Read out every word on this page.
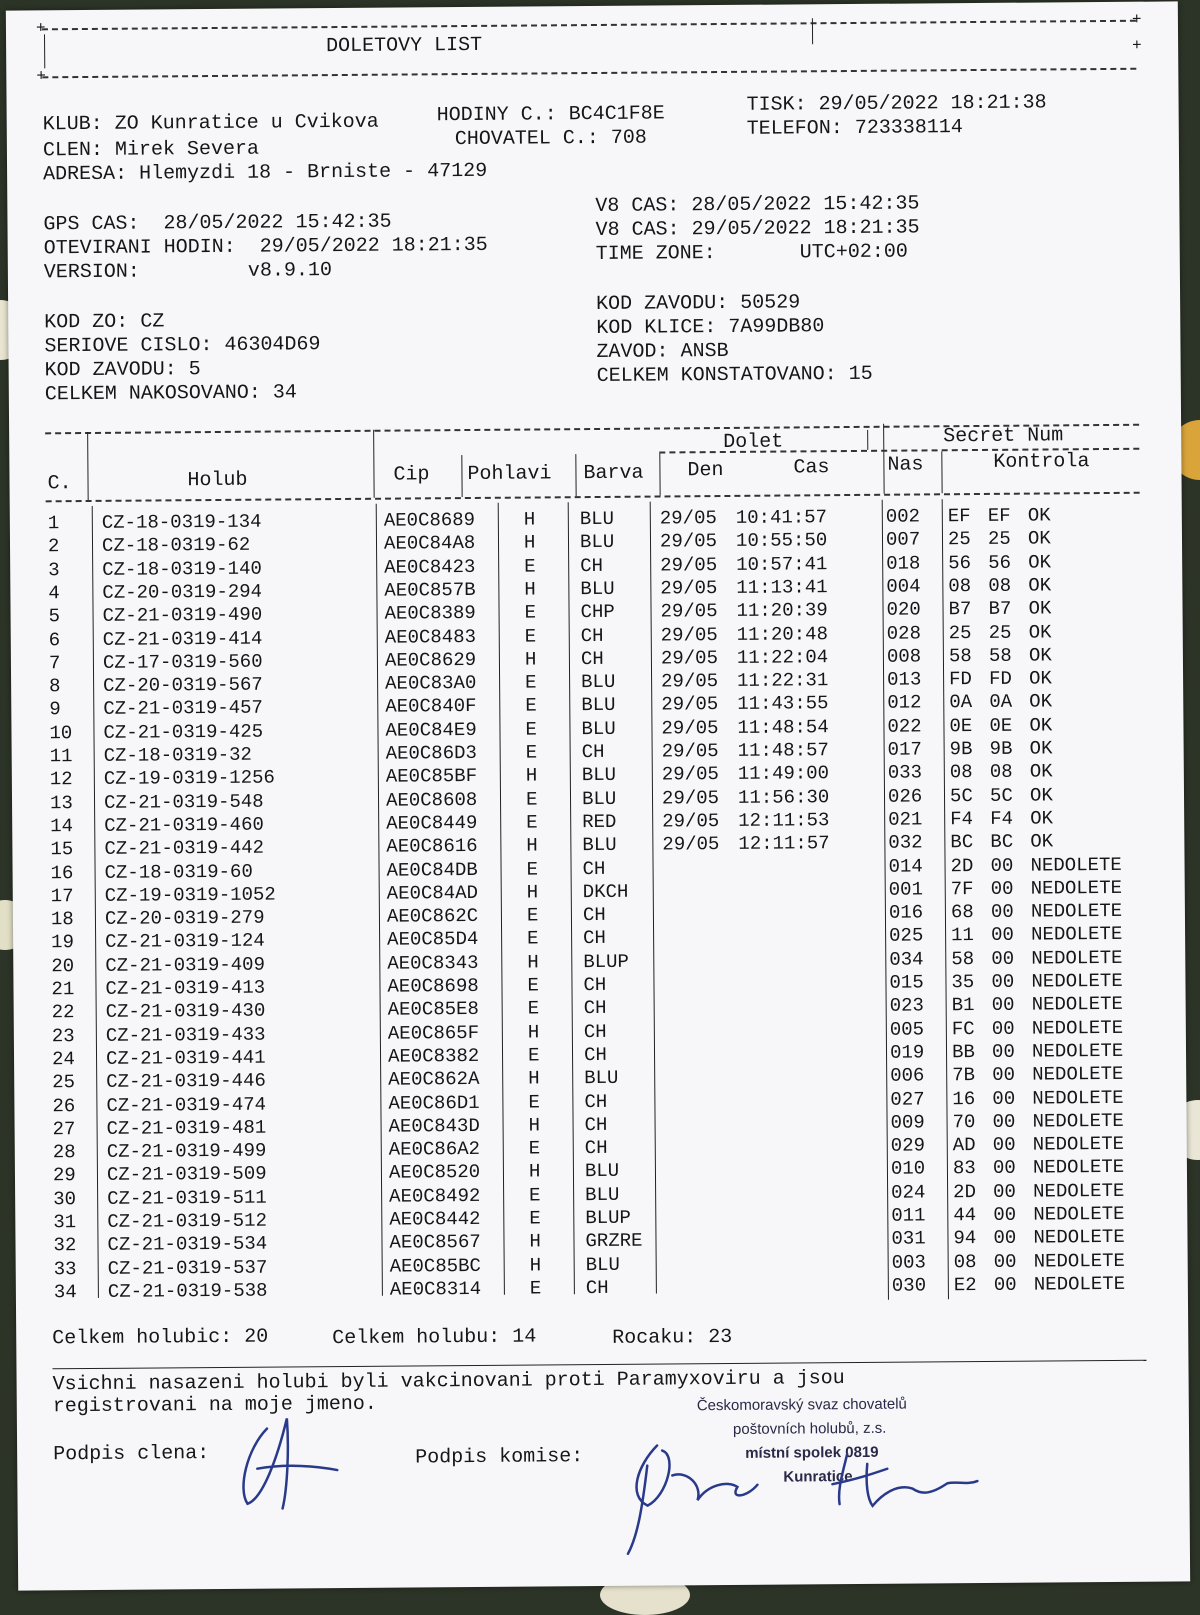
+	+
DOLETOVY LIST
+
+
KLUB: ZO Kunratice u Cvikova	HODINY C.: BC4C1F8E	TISK: 29/05/2022 18:21:38
CLEN: Mirek Severa	CHOVATEL C.: 708	TELEFON: 723338114
ADRESA: Hlemyzdi 18 - Brniste - 47129
GPS CAS:  28/05/2022 15:42:35
OTEVIRANI HODIN:  29/05/2022 18:21:35
VERSION:         v8.9.10
V8 CAS: 28/05/2022 15:42:35
V8 CAS: 29/05/2022 18:21:35
TIME ZONE:       UTC+02:00
KOD ZO: CZ
SERIOVE CISLO: 46304D69
KOD ZAVODU: 5
CELKEM NAKOSOVANO: 34
KOD ZAVODU: 50529
KOD KLICE: 7A99DB80
ZAVOD: ANSB
CELKEM KONSTATOVANO: 15
Dolet	Secret Num
C.	Holub	Cip Pohlavi Barva Den	Cas	Nas	Kontrola
1 CZ-18-0319-134	AE0C8689	H BLU 29/05 10:41:57	002 EF EF OK
2 CZ-18-0319-62	AE0C84A8	H BLU 29/05 10:55:50	007 25 25 OK
3 CZ-18-0319-140	AE0C8423	E CH	29/05 10:57:41	018 56 56 OK
4 CZ-20-0319-294	AE0C857B	H BLU 29/05 11:13:41	004 08 08 OK
5 CZ-21-0319-490	AE0C8389	E CHP 29/05 11:20:39	020 B7 B7 OK
6 CZ-21-0319-414	AE0C8483	E CH	29/05 11:20:48	028 25 25 OK
7 CZ-17-0319-560	AE0C8629	H CH	29/05 11:22:04	008 58 58 OK
8 CZ-20-0319-567	AE0C83A0	E BLU 29/05 11:22:31	013 FD FD OK
9 CZ-21-0319-457	AE0C840F	E BLU 29/05 11:43:55	012 0A 0A OK
10 CZ-21-0319-425	AE0C84E9	E BLU 29/05 11:48:54	022 0E 0E OK
11 CZ-18-0319-32	AE0C86D3	E CH	29/05 11:48:57	017 9B 9B OK
12 CZ-19-0319-1256	AE0C85BF	H BLU 29/05 11:49:00	033 08 08 OK
13 CZ-21-0319-548	AE0C8608	E BLU 29/05 11:56:30	026 5C 5C OK
14 CZ-21-0319-460	AE0C8449	E RED 29/05 12:11:53	021 F4 F4 OK
15 CZ-21-0319-442	AE0C8616	H BLU 29/05 12:11:57	032 BC BC OK
16 CZ-18-0319-60	AE0C84DB	E CH	014 2D 00 NEDOLETE
17 CZ-19-0319-1052	AE0C84AD	H DKCH	001 7F 00 NEDOLETE
18 CZ-20-0319-279	AE0C862C	E CH	016 68 00 NEDOLETE
19 CZ-21-0319-124	AE0C85D4	E CH	025 11 00 NEDOLETE
20 CZ-21-0319-409	AE0C8343	H BLUP	034 58 00 NEDOLETE
21 CZ-21-0319-413	AE0C8698	E CH	015 35 00 NEDOLETE
22 CZ-21-0319-430	AE0C85E8	E CH	023 B1 00 NEDOLETE
23 CZ-21-0319-433	AE0C865F	H CH	005 FC 00 NEDOLETE
24 CZ-21-0319-441	AE0C8382	E CH	019 BB 00 NEDOLETE
25 CZ-21-0319-446	AE0C862A	H BLU	006 7B 00 NEDOLETE
26 CZ-21-0319-474	AE0C86D1	E CH	027 16 00 NEDOLETE
27 CZ-21-0319-481	AE0C843D	H CH	009 70 00 NEDOLETE
28 CZ-21-0319-499	AE0C86A2	E CH	029 AD 00 NEDOLETE
29 CZ-21-0319-509	AE0C8520	H BLU	010 83 00 NEDOLETE
30 CZ-21-0319-511	AE0C8492	E BLU	024 2D 00 NEDOLETE
31 CZ-21-0319-512	AE0C8442	E BLUP	011 44 00 NEDOLETE
32 CZ-21-0319-534	AE0C8567	H GRZRE	031 94 00 NEDOLETE
33 CZ-21-0319-537	AE0C85BC	H BLU	003 08 00 NEDOLETE
34 CZ-21-0319-538	AE0C8314	E CH	030 E2 00 NEDOLETE
Celkem holubic: 20	Celkem holubu: 14	Rocaku: 23
Vsichni nasazeni holubi byli vakcinovani proti Paramyxoviru a jsou
registrovani na moje jmeno.
Podpis clena:	Podpis komise:
Českomoravský svaz chovatelů
poštovních holubů, z.s.
místní spolek 0819
Kunratice
